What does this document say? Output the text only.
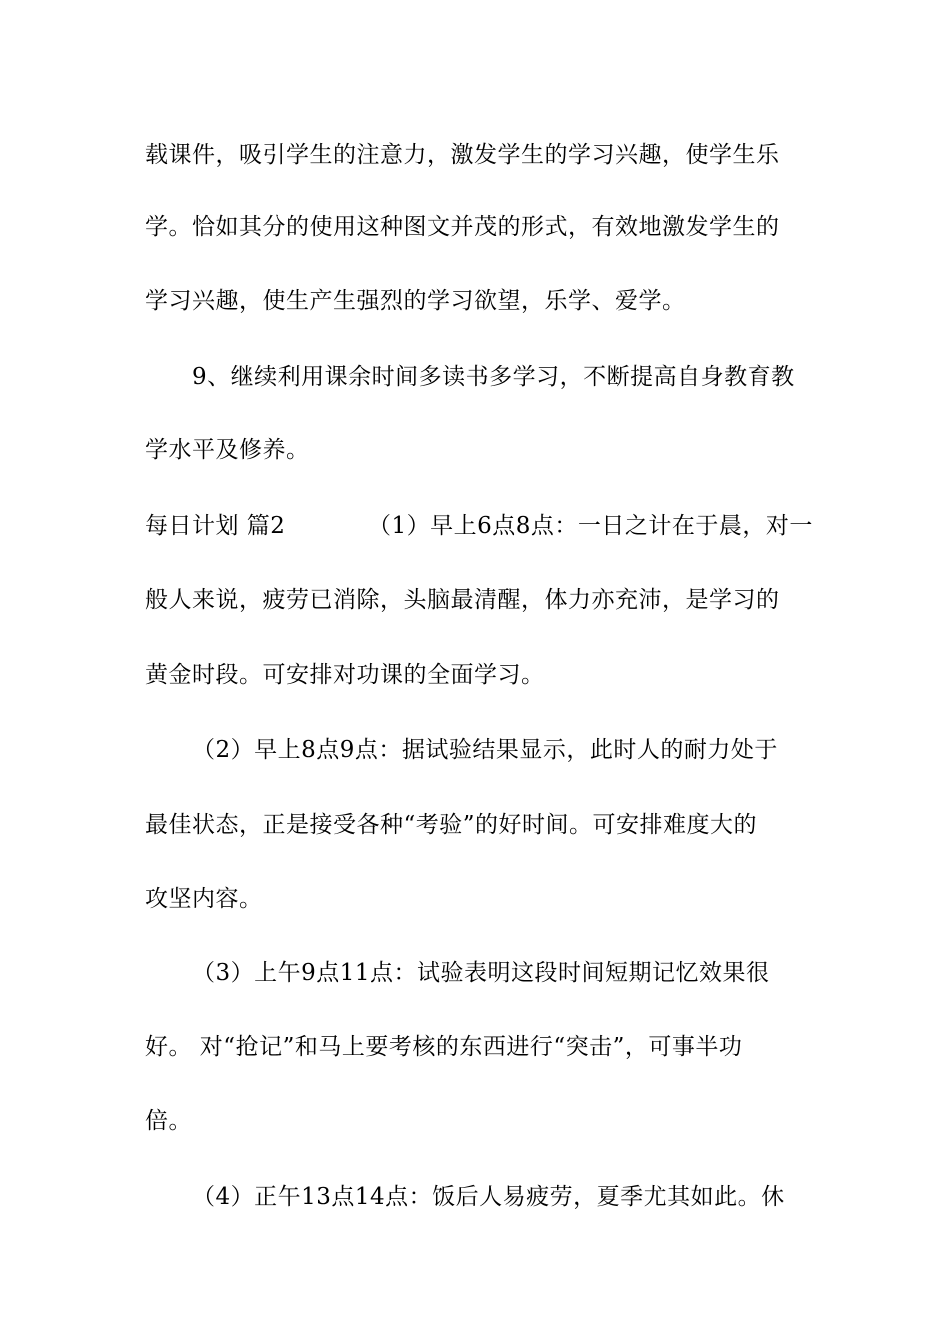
载课件，吸引学生的注意力，激发学生的学习兴趣，使学生乐
学。恰如其分的使用这种图文并茂的形式，有效地激发学生的
学习兴趣，使生产生强烈的学习欲望，乐学、爱学。
9、继续利用课余时间多读书多学习，不断提高自身教育教
学水平及修养。
每日计划 篇2　　　　（1）早上6点8点：一日之计在于晨，对一
般人来说，疲劳已消除，头脑最清醒，体力亦充沛，是学习的
黄金时段。可安排对功课的全面学习。
（2）早上8点9点：据试验结果显示，此时人的耐力处于
最佳状态，正是接受各种“考验”的好时间。可安排难度大的
攻坚内容。
（3）上午9点11点：试验表明这段时间短期记忆效果很
好。 对“抢记”和马上要考核的东西进行“突击”，可事半功
倍。
（4）正午13点14点：饭后人易疲劳，夏季尤其如此。休
